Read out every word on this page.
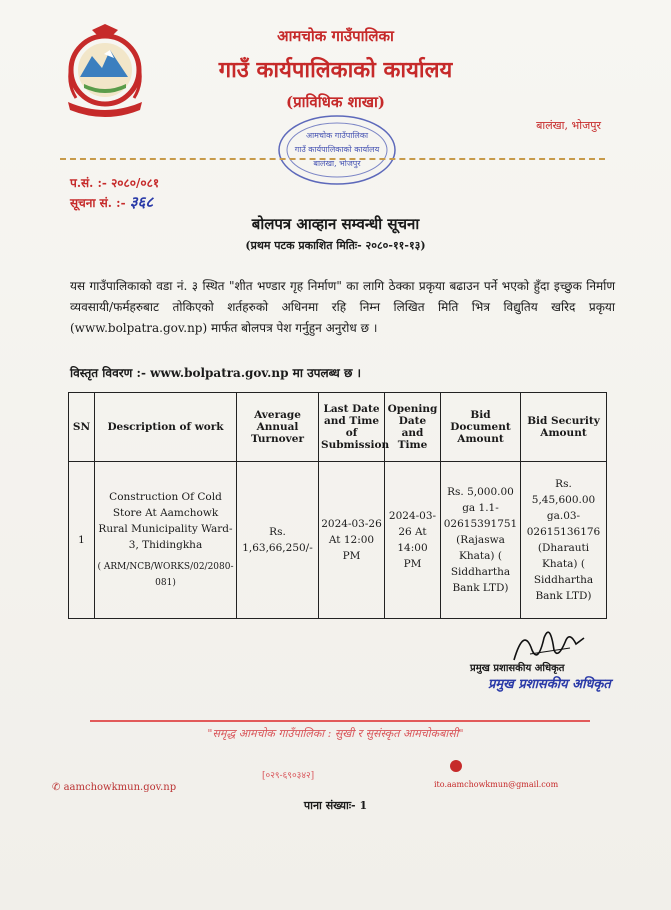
आमचोक गाउँपालिका
गाउँ कार्यपालिकाको कार्यालय
(प्राविधिक शाखा)
बालंखा, भोजपुर
आमचोक गाउँपालिका
गाउँ कार्यपालिकाको कार्यालय
बालंखा, भोजपुर
प.सं. :- २०८०/०८१
सूचना सं. :- ३६८
बोलपत्र आव्हान सम्वन्धी सूचना
(प्रथम पटक प्रकाशित मितिः- २०८०-११-१३)
यस गाउँपालिकाको वडा नं. ३ स्थित "शीत भण्डार गृह निर्माण" का लागि ठेक्का प्रकृया बढाउन पर्ने भएको हुँदा इच्छुक निर्माण व्यवसायी/फर्महरुबाट तोकिएको शर्तहरुको अधिनमा रहि निम्न लिखित मिति भित्र विद्युतिय खरिद प्रकृया (www.bolpatra.gov.np) मार्फत बोलपत्र पेश गर्नुहुन अनुरोध छ ।
विस्तृत विवरण :- www.bolpatra.gov.np मा उपलब्ध छ ।
SN	Description of work	Average Annual Turnover	Last Date and Time of Submission	Opening Date and Time	Bid Document Amount	Bid Security Amount
1	Construction Of Cold Store At Aamchowk Rural Municipality Ward-3, Thidingkha
( ARM/NCB/WORKS/02/2080-081)	Rs. 1,63,66,250/-	2024-03-26 At 12:00 PM	2024-03-26 At 14:00 PM	Rs. 5,000.00 ga 1.1-02615391751 (Rajaswa Khata) ( Siddhartha Bank LTD)	Rs. 5,45,600.00 ga.03-02615136176 (Dharauti Khata) ( Siddhartha Bank LTD)
प्रमुख प्रशासकीय अधिकृत
प्रमुख प्रशासकीय अधिकृत
"समृद्ध आमचोक गाउँपालिका : सुखी र सुसंस्कृत आमचोकबासी"
✆ aamchowkmun.gov.np
[०२९-६९०३४२]
ito.aamchowkmun@gmail.com
पाना संख्याः- 1
